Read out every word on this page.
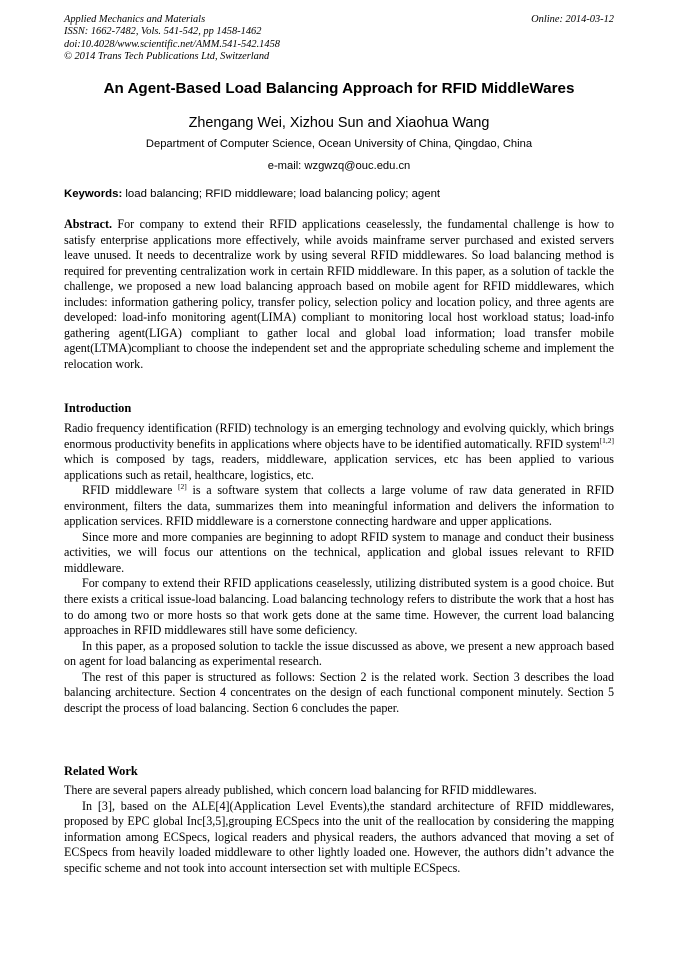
Applied Mechanics and Materials
ISSN: 1662-7482, Vols. 541-542, pp 1458-1462
doi:10.4028/www.scientific.net/AMM.541-542.1458
© 2014 Trans Tech Publications Ltd, Switzerland
Online: 2014-03-12
An Agent-Based Load Balancing Approach for RFID MiddleWares
Zhengang Wei, Xizhou Sun and Xiaohua Wang
Department of Computer Science, Ocean University of China, Qingdao, China
e-mail: wzgwzq@ouc.edu.cn
Keywords: load balancing; RFID middleware; load balancing policy; agent

Abstract. For company to extend their RFID applications ceaselessly, the fundamental challenge is how to satisfy enterprise applications more effectively, while avoids mainframe server purchased and existed servers leave unused. It needs to decentralize work by using several RFID middlewares. So load balancing method is required for preventing centralization work in certain RFID middleware. In this paper, as a solution of tackle the challenge, we proposed a new load balancing approach based on mobile agent for RFID middlewares, which includes: information gathering policy, transfer policy, selection policy and location policy, and three agents are developed: load-info monitoring agent(LIMA) compliant to monitoring local host workload status; load-info gathering agent(LIGA) compliant to gather local and global load information; load transfer mobile agent(LTMA)compliant to choose the independent set and the appropriate scheduling scheme and implement the relocation work.

Introduction

Radio frequency identification (RFID) technology is an emerging technology and evolving quickly, which brings enormous productivity benefits in applications where objects have to be identified automatically. RFID system[1,2] which is composed by tags, readers, middleware, application services, etc has been applied to various applications such as retail, healthcare, logistics, etc.

RFID middleware [2] is a software system that collects a large volume of raw data generated in RFID environment, filters the data, summarizes them into meaningful information and delivers the information to application services. RFID middleware is a cornerstone connecting hardware and upper applications.

Since more and more companies are beginning to adopt RFID system to manage and conduct their business activities, we will focus our attentions on the technical, application and global issues relevant to RFID middleware.

For company to extend their RFID applications ceaselessly, utilizing distributed system is a good choice. But there exists a critical issue-load balancing. Load balancing technology refers to distribute the work that a host has to do among two or more hosts so that work gets done at the same time. However, the current load balancing approaches in RFID middlewares still have some deficiency.

In this paper, as a proposed solution to tackle the issue discussed as above, we present a new approach based on agent for load balancing as experimental research.

The rest of this paper is structured as follows: Section 2 is the related work. Section 3 describes the load balancing architecture. Section 4 concentrates on the design of each functional component minutely. Section 5 descript the process of load balancing. Section 6 concludes the paper.

Related Work

There are several papers already published, which concern load balancing for RFID middlewares.

In [3], based on the ALE[4](Application Level Events),the standard architecture of RFID middlewares, proposed by EPC global Inc[3,5],grouping ECSpecs into the unit of the reallocation by considering the mapping information among ECSpecs, logical readers and physical readers, the authors advanced that moving a set of ECSpecs from heavily loaded middleware to other lightly loaded one. However, the authors didn’t advance the specific scheme and not took into account intersection set with multiple ECSpecs.
